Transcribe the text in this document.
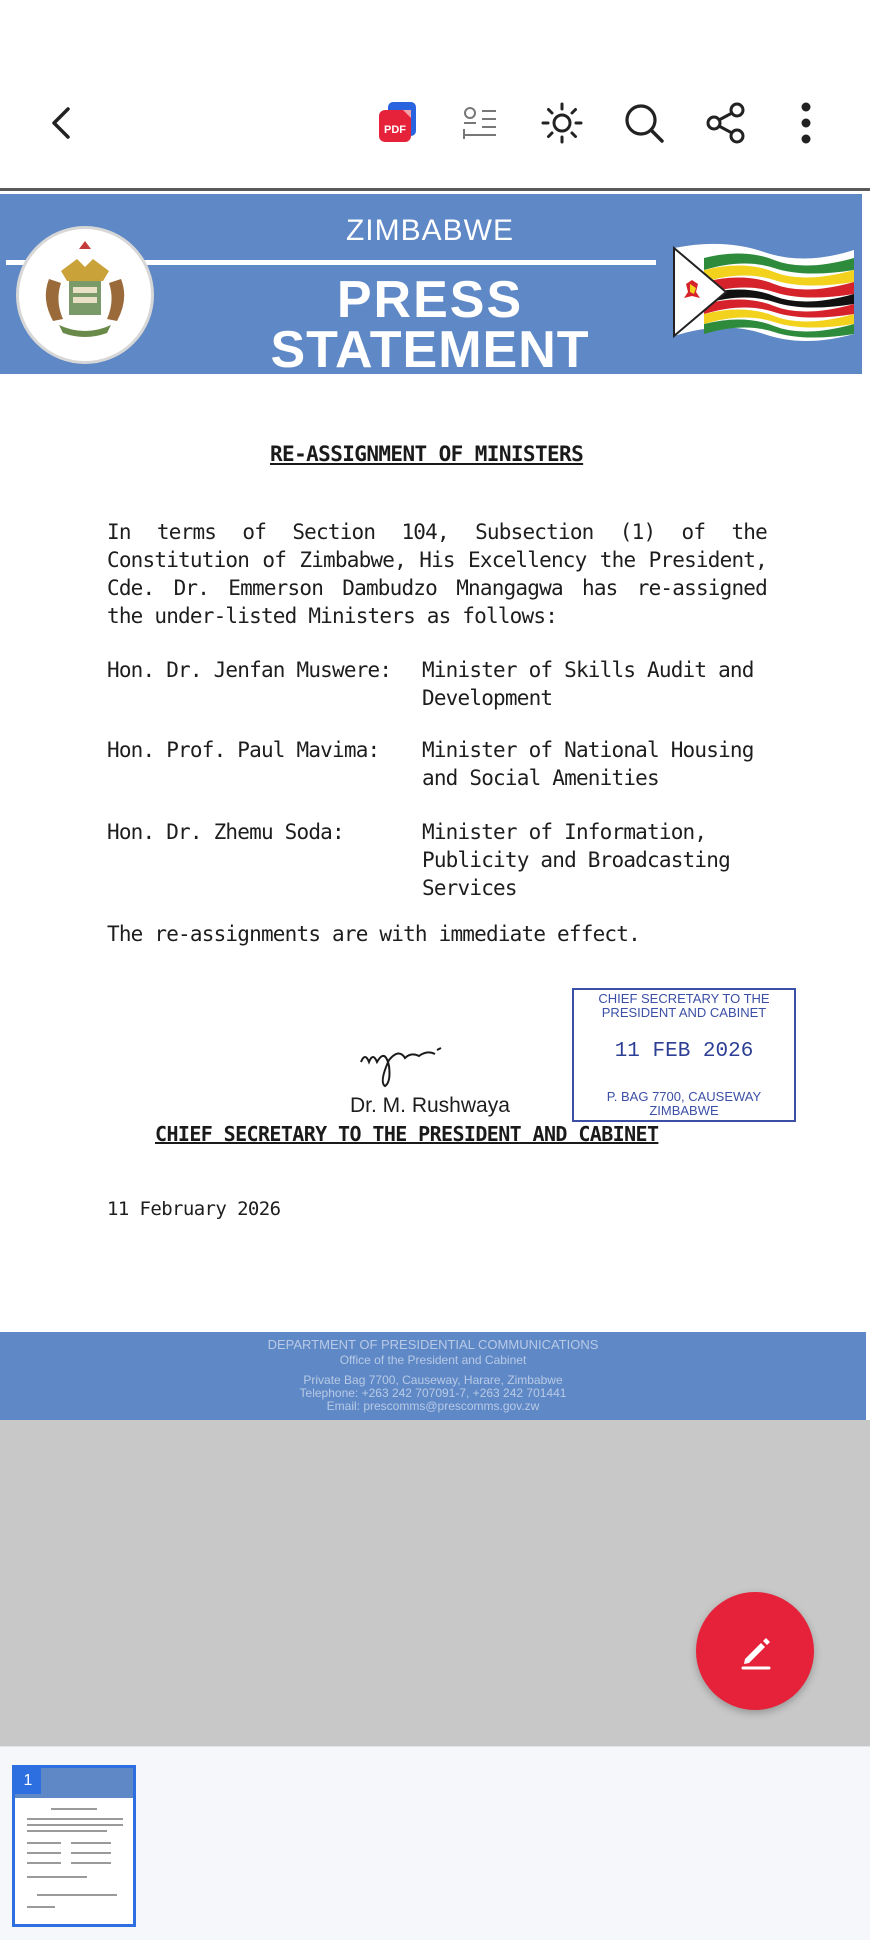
PDF
ZIMBABWE
PRESS
STATEMENT
RE-ASSIGNMENT OF MINISTERS
In terms of Section 104, Subsection (1) of the Constitution of Zimbabwe, His Excellency the President, Cde. Dr. Emmerson Dambudzo Mnangagwa has re-assigned the under-listed Ministers as follows:
Hon. Dr. Jenfan Muswere: Minister of Skills Audit and Development
Hon. Prof. Paul Mavima: Minister of National Housing and Social Amenities
Hon. Dr. Zhemu Soda:	Minister of Information, Publicity and Broadcasting Services
The re-assignments are with immediate effect.
CHIEF SECRETARY TO THE
PRESIDENT AND CABINET
11 FEB 2026
P. BAG 7700, CAUSEWAY
ZIMBABWE
Dr. M. Rushwaya
CHIEF SECRETARY TO THE PRESIDENT AND CABINET
11 February 2026
DEPARTMENT OF PRESIDENTIAL COMMUNICATIONS
Office of the President and Cabinet
Private Bag 7700, Causeway, Harare, Zimbabwe
Telephone: +263 242 707091-7, +263 242 701441
Email: prescomms@prescomms.gov.zw
1
